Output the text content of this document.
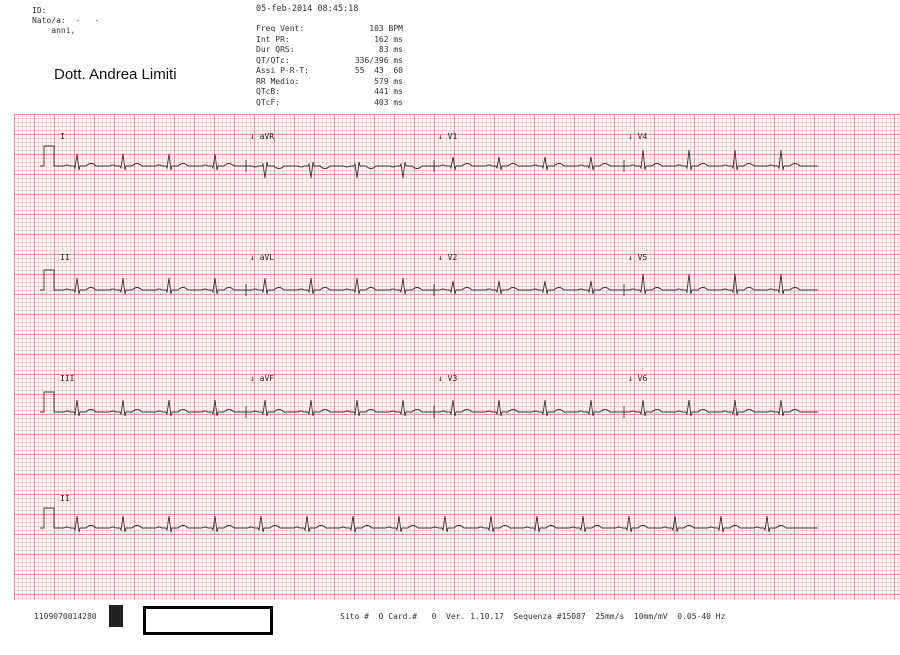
ID:
Nato/a: -   -
anni,
05-feb-2014 08:45:18
Freq Vent:	103 BPM
Int PR:	162 ms
Dur QRS:	83 ms
QT/QTc:	336/396 ms
Assi P-R-T:	55  43  60
RR Medio:	579 ms
QTcB:	441 ms
QTcF:	403 ms
Dott. Andrea Limiti
I	↓ aVR	↓ V1	↓ V4
II	↓ aVL	↓ V2	↓ V5
III	↓ aVF	↓ V3	↓ V6
II
1109070014280	Sito # 0 Card.# 0 Ver. 1.10.17 Sequenza #15087 25mm/s 10mm/mV 0.05-40 Hz
